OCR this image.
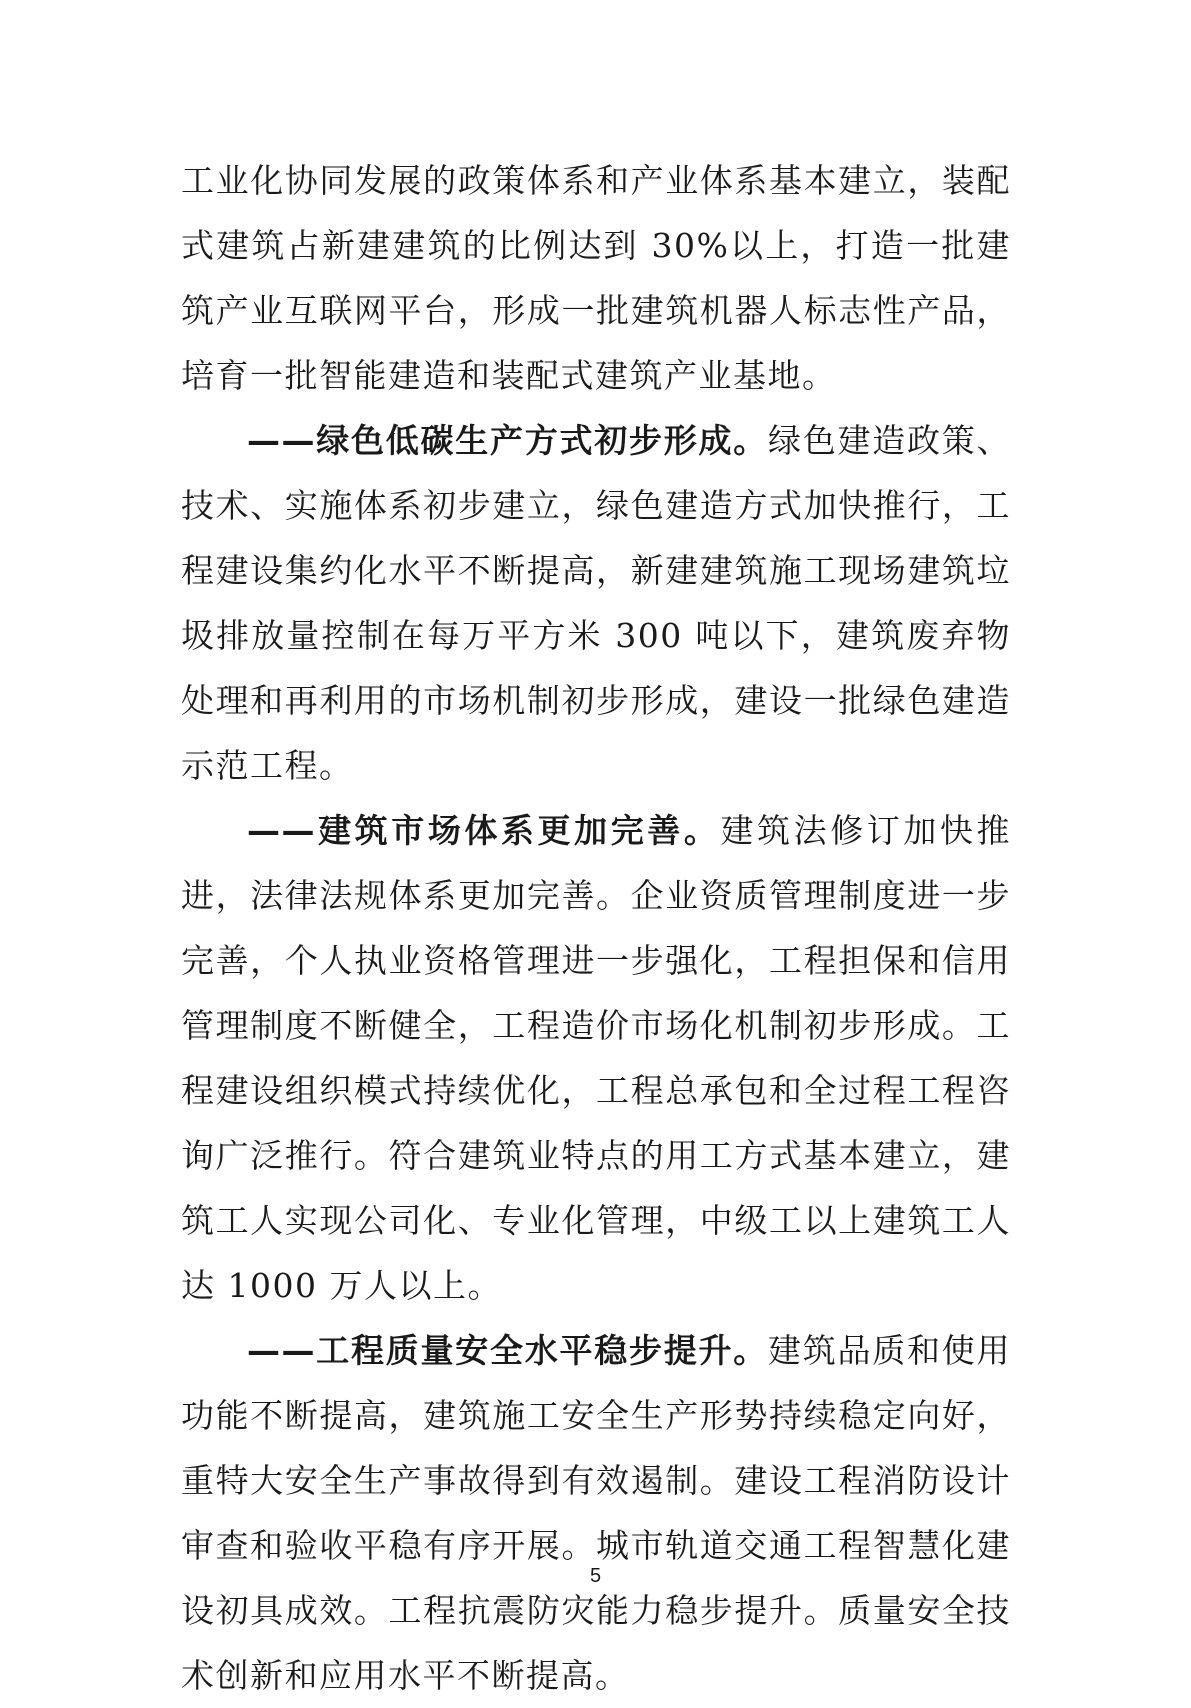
工业化协同发展的政策体系和产业体系基本建立，装配式建筑占新建建筑的比例达到 30%以上，打造一批建筑产业互联网平台，形成一批建筑机器人标志性产品，培育一批智能建造和装配式建筑产业基地。

——绿色低碳生产方式初步形成。绿色建造政策、技术、实施体系初步建立，绿色建造方式加快推行，工程建设集约化水平不断提高，新建建筑施工现场建筑垃圾排放量控制在每万平方米 300 吨以下，建筑废弃物处理和再利用的市场机制初步形成，建设一批绿色建造示范工程。

——建筑市场体系更加完善。建筑法修订加快推进，法律法规体系更加完善。企业资质管理制度进一步完善，个人执业资格管理进一步强化，工程担保和信用管理制度不断健全，工程造价市场化机制初步形成。工程建设组织模式持续优化，工程总承包和全过程工程咨询广泛推行。符合建筑业特点的用工方式基本建立，建筑工人实现公司化、专业化管理，中级工以上建筑工人达 1000 万人以上。

——工程质量安全水平稳步提升。建筑品质和使用功能不断提高，建筑施工安全生产形势持续稳定向好，重特大安全生产事故得到有效遏制。建设工程消防设计审查和验收平稳有序开展。城市轨道交通工程智慧化建设初具成效。工程抗震防灾能力稳步提升。质量安全技术创新和应用水平不断提高。

5
